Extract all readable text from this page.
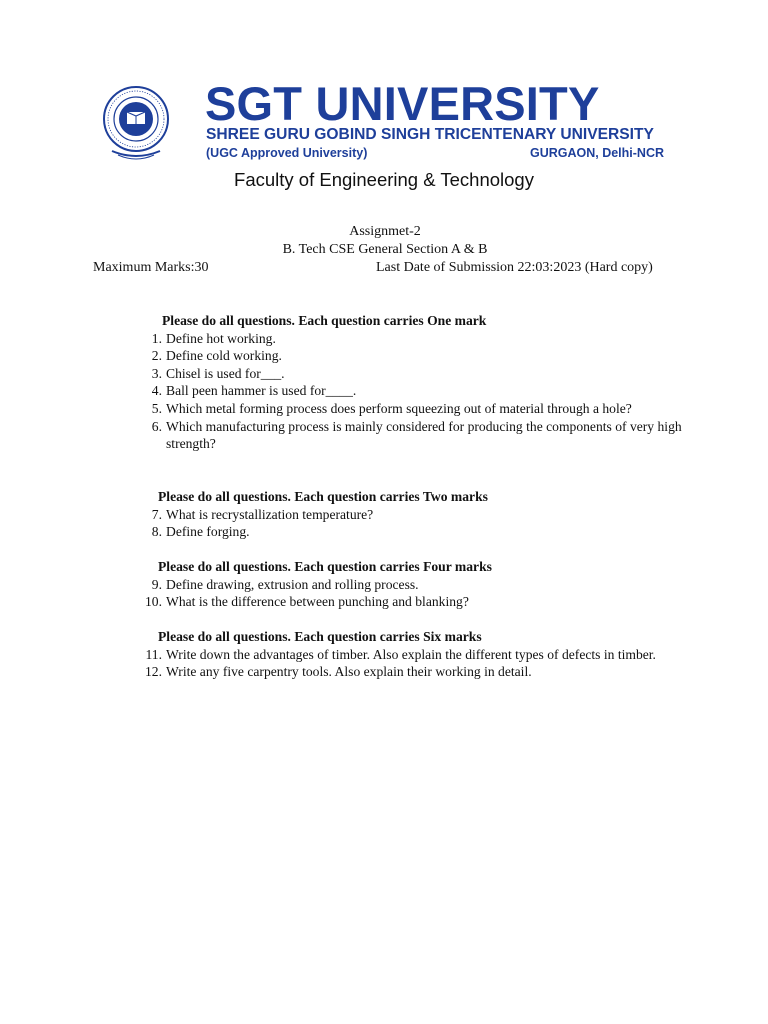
SGT UNIVERSITY
SHREE GURU GOBIND SINGH TRICENTENARY UNIVERSITY
(UGC Approved University)	GURGAON, Delhi-NCR
Faculty of Engineering & Technology
Assignmet-2
B. Tech CSE General Section A & B
Maximum Marks:30	Last Date of Submission 22:03:2023 (Hard copy)
Please do all questions. Each question carries One mark
1. Define hot working.
2. Define cold working.
3. Chisel is used for___.
4. Ball peen hammer is used for____.
5. Which metal forming process does perform squeezing out of material through a hole?
6. Which manufacturing process is mainly considered for producing the components of very high strength?
Please do all questions. Each question carries Two marks
7. What is recrystallization temperature?
8. Define forging.
Please do all questions. Each question carries Four marks
9. Define drawing, extrusion and rolling process.
10. What is the difference between punching and blanking?
Please do all questions. Each question carries Six marks
11. Write down the advantages of timber. Also explain the different types of defects in timber.
12. Write any five carpentry tools. Also explain their working in detail.
